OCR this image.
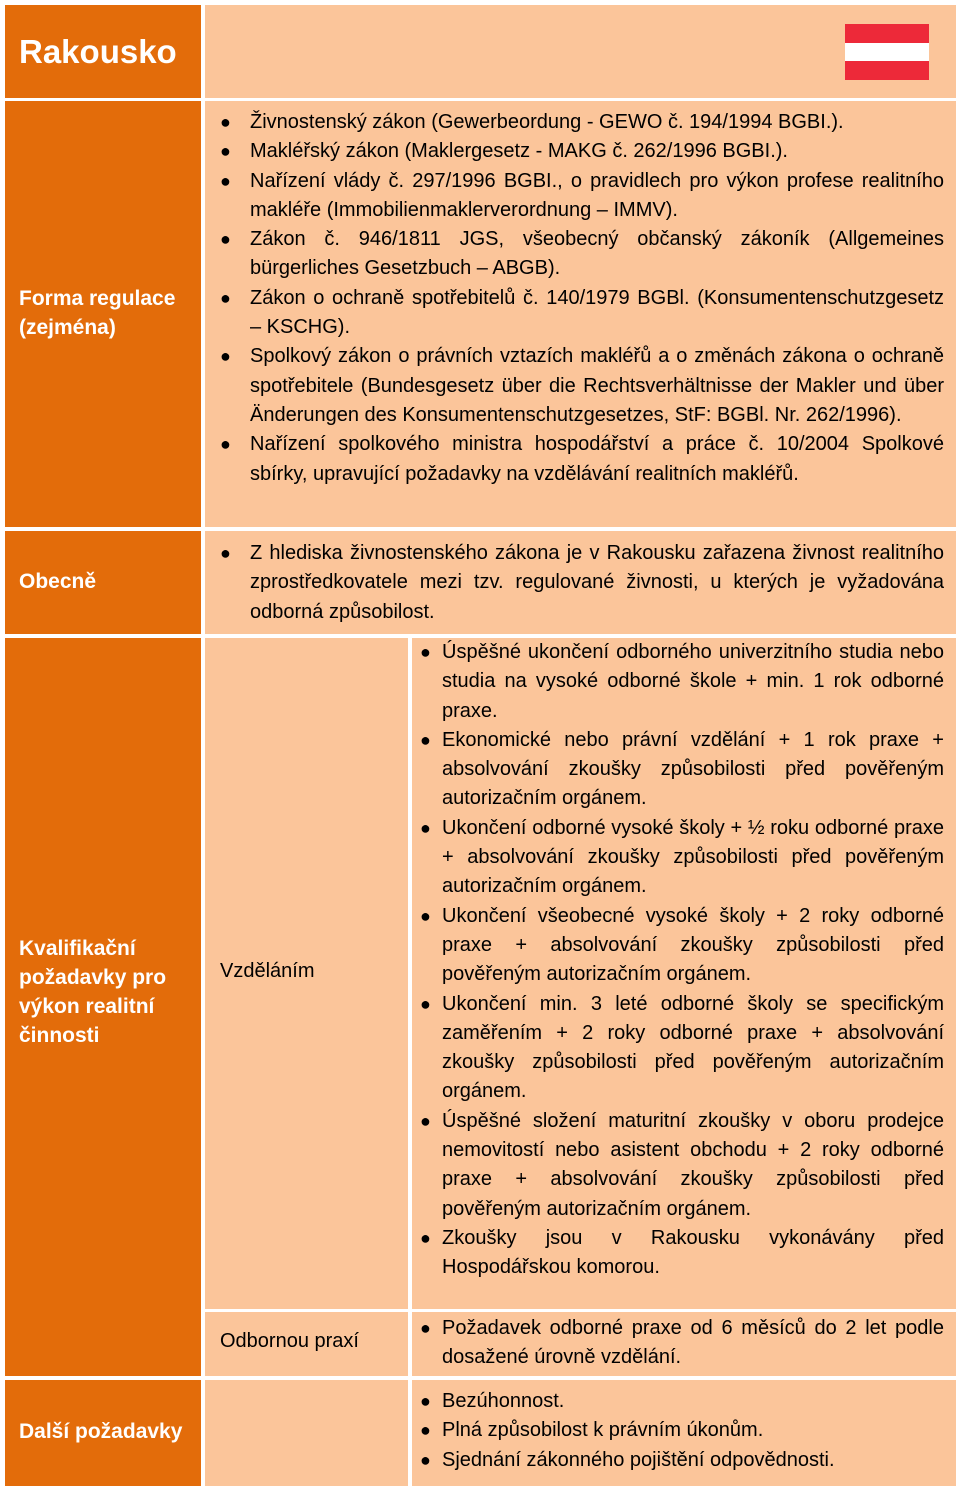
Rakousko
Forma regulace (zejména)
● Živnostenský zákon (Gewerbeordung - GEWO č. 194/1994 BGBI.).
● Makléřský zákon (Maklergesetz - MAKG č. 262/1996 BGBI.).
● Nařízení vlády č. 297/1996 BGBI., o pravidlech pro výkon profese realitního makléře (Immobilienmaklerverordnung – IMMV).
● Zákon č. 946/1811 JGS, všeobecný občanský zákoník (Allgemeines bürgerliches Gesetzbuch – ABGB).
● Zákon o ochraně spotřebitelů č. 140/1979 BGBl. (Konsumentenschutzgesetz – KSCHG).
● Spolkový zákon o právních vztazích makléřů a o změnách zákona o ochraně spotřebitele (Bundesgesetz über die Rechtsverhältnisse der Makler und über Änderungen des Konsumentenschutzgesetzes, StF: BGBl. Nr. 262/1996).
● Nařízení spolkového ministra hospodářství a práce č. 10/2004 Spolkové sbírky, upravující požadavky na vzdělávání realitních makléřů.
Obecně
● Z hlediska živnostenského zákona je v Rakousku zařazena živnost realitního zprostředkovatele mezi tzv. regulované živnosti, u kterých je vyžadována odborná způsobilost.
Kvalifikační požadavky pro výkon realitní činnosti
Vzděláním
● Úspěšné ukončení odborného univerzitního studia nebo studia na vysoké odborné škole + min. 1 rok odborné praxe.
● Ekonomické nebo právní vzdělání + 1 rok praxe + absolvování zkoušky způsobilosti před pověřeným autorizačním orgánem.
● Ukončení odborné vysoké školy + ½ roku odborné praxe + absolvování zkoušky způsobilosti před pověřeným autorizačním orgánem.
● Ukončení všeobecné vysoké školy + 2 roky odborné praxe + absolvování zkoušky způsobilosti před pověřeným autorizačním orgánem.
● Ukončení min. 3 leté odborné školy se specifickým zaměřením + 2 roky odborné praxe + absolvování zkoušky způsobilosti před pověřeným autorizačním orgánem.
● Úspěšné složení maturitní zkoušky v oboru prodejce nemovitostí nebo asistent obchodu + 2 roky odborné praxe + absolvování zkoušky způsobilosti před pověřeným autorizačním orgánem.
● Zkoušky jsou v Rakousku vykonávány před Hospodářskou komorou.
Odbornou praxí
● Požadavek odborné praxe od 6 měsíců do 2 let podle dosažené úrovně vzdělání.
Další požadavky
● Bezúhonnost.
● Plná způsobilost k právním úkonům.
● Sjednání zákonného pojištění odpovědnosti.
